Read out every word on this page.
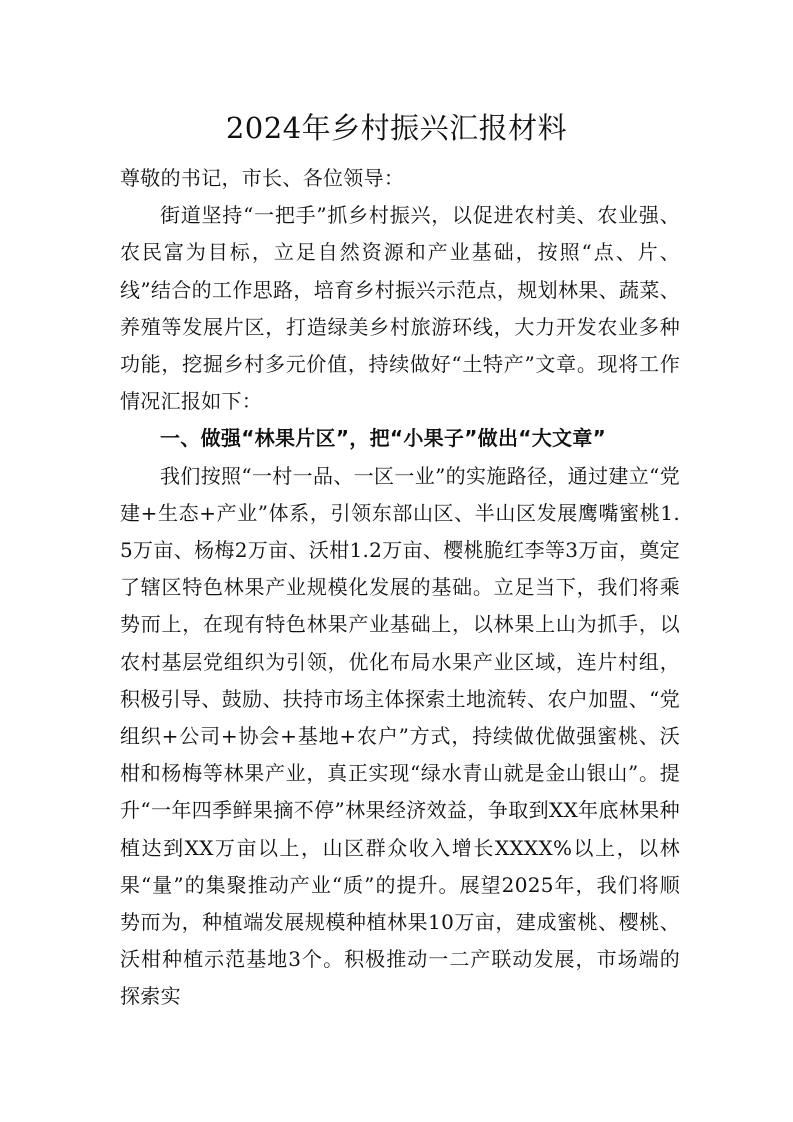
2024年乡村振兴汇报材料

尊敬的书记，市长、各位领导：

街道坚持“一把手”抓乡村振兴，以促进农村美、农业强、农民富为目标，立足自然资源和产业基础，按照“点、片、线”结合的工作思路，培育乡村振兴示范点，规划林果、蔬菜、养殖等发展片区，打造绿美乡村旅游环线，大力开发农业多种功能，挖掘乡村多元价值，持续做好“土特产”文章。现将工作情况汇报如下：

一、做强“林果片区”，把“小果子”做出“大文章”

我们按照“一村一品、一区一业”的实施路径，通过建立“党建+生态+产业”体系，引领东部山区、半山区发展鹰嘴蜜桃1.5万亩、杨梅2万亩、沃柑1.2万亩、樱桃脆红李等3万亩，奠定了辖区特色林果产业规模化发展的基础。立足当下，我们将乘势而上，在现有特色林果产业基础上，以林果上山为抓手，以农村基层党组织为引领，优化布局水果产业区域，连片村组，积极引导、鼓励、扶持市场主体探索土地流转、农户加盟、“党组织+公司+协会+基地+农户”方式，持续做优做强蜜桃、沃柑和杨梅等林果产业，真正实现“绿水青山就是金山银山”。提升“一年四季鲜果摘不停”林果经济效益，争取到XX年底林果种植达到XX万亩以上，山区群众收入增长XXXX%以上，以林果“量”的集聚推动产业“质”的提升。展望2025年，我们将顺势而为，种植端发展规模种植林果10万亩，建成蜜桃、樱桃、沃柑种植示范基地3个。积极推动一二产联动发展，市场端的探索实
